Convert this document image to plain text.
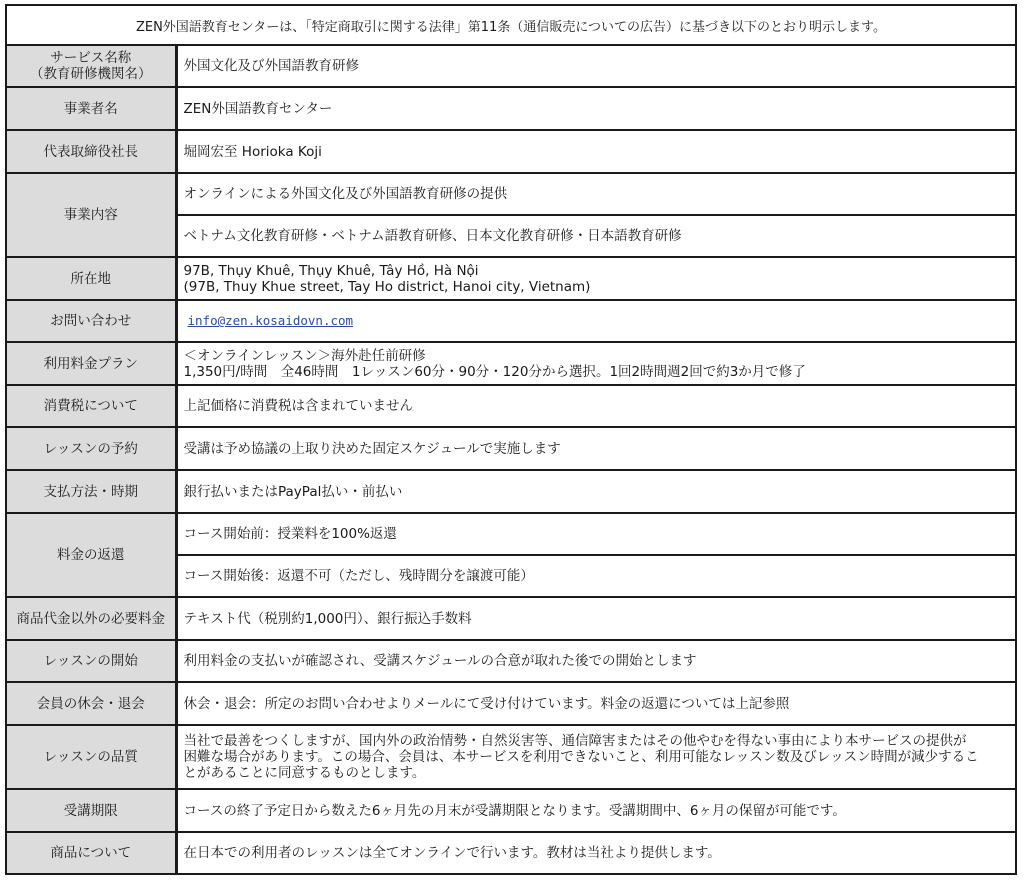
ZEN外国語教育センターは、「特定商取引に関する法律」第11条（通信販売についての広告）に基づき以下のとおり明示します。	

サービス名称
（教育研修機関名）	外国文化及び外国語教育研修
事業者名	ZEN外国語教育センター
代表取締役社長	堀岡宏至 Horioka Koji
事業内容	オンラインによる外国文化及び外国語教育研修の提供
	ベトナム文化教育研修・ベトナム語教育研修、日本文化教育研修・日本語教育研修
所在地	97B, Thụy Khuê, Thụy Khuê, Tây Hồ, Hà Nội
(97B, Thuy Khue street, Tay Ho district, Hanoi city, Vietnam)

お問い合わせ	info@zen.kosaidovn.com
利用料金プラン	＜オンラインレッスン＞海外赴任前研修
1,350円/時間　全46時間　1レッスン60分・90分・120分から選択。1回2時間週2回で約3か月で修了

消費税について	上記価格に消費税は含まれていません
レッスンの予約	受講は予め協議の上取り決めた固定スケジュールで実施します
支払方法・時期	銀行払いまたはPayPal払い・前払い
料金の返還	コース開始前：授業料を100%返還
	コース開始後：返還不可（ただし、残時間分を譲渡可能）
商品代金以外の必要料金	テキスト代（税別約1,000円）、銀行振込手数料
レッスンの開始	利用料金の支払いが確認され、受講スケジュールの合意が取れた後での開始とします
会員の休会・退会	休会・退会：所定のお問い合わせよりメールにて受け付けています。料金の返還については上記参照
レッスンの品質	当社で最善をつくしますが、国内外の政治情勢・自然災害等、通信障害またはその他やむを得ない事由により本サービスの提供が
困難な場合があります。この場合、会員は、本サービスを利用できないこと、利用可能なレッスン数及びレッスン時間が減少するこ
とがあることに同意するものとします。

受講期限	コースの終了予定日から数えた6ヶ月先の月末が受講期限となります。受講期間中、6ヶ月の保留が可能です。
商品について	在日本での利用者のレッスンは全てオンラインで行います。教材は当社より提供します。
